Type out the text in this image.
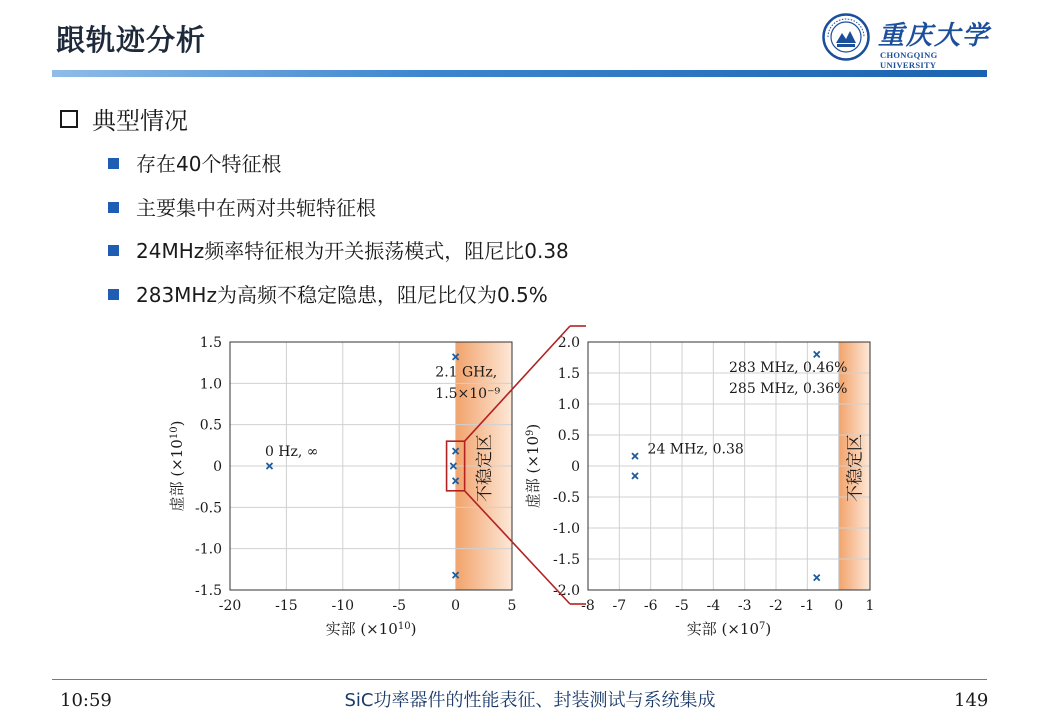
跟轨迹分析	重庆大学
CHONGQING UNIVERSITY
典型情况
存在40个特征根
主要集中在两对共轭特征根
24MHz频率特征根为开关振荡模式，阻尼比0.38
283MHz为高频不稳定隐患，阻尼比仅为0.5%
-20 -15 -10	-5	0	5
1.5
1.0
0.5
0
-0.5
-1.0
-1.5
不稳定区
2.1 GHz,
1.5×10⁻⁹
0 Hz, ∞
实部 $(\times 10^{10})$
虚部 $(\times 10^{10})$
-8 -7 -6 -5 -4 -3 -2 -1 0 1
2.0
1.5
1.0
0.5
0
-0.5
-1.0
-1.5
-2.0
不稳定区
283 MHz, 0.46%
285 MHz, 0.36%
24 MHz, 0.38
实部 $(\times 10^7)$
虚部 $(\times 10^9)$
10:59	SiC功率器件的性能表征、封装测试与系统集成	149
